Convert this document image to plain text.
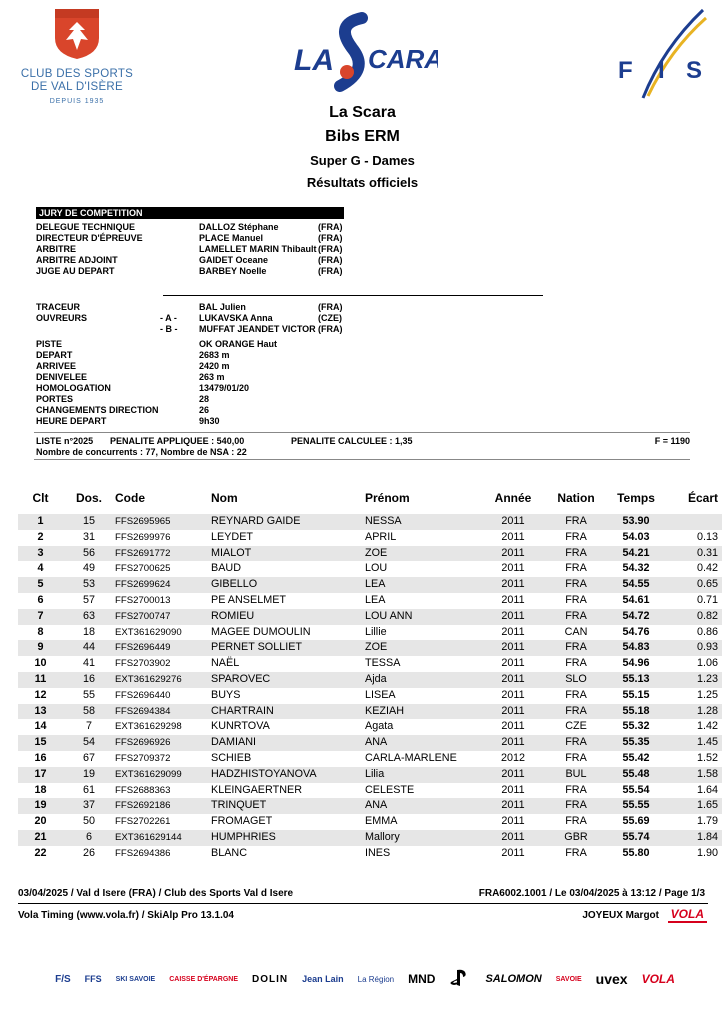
CLUB DES SPORTS
DE VAL D'ISÈRE
DEPUIS 1935
LA CARA	F I S
La Scara
Bibs ERM
Super G - Dames
Résultats officiels
JURY DE COMPETITION
DELEGUE TECHNIQUE	DALLOZ Stéphane	(FRA)
DIRECTEUR D'ÉPREUVE	PLACE Manuel	(FRA)
ARBITRE	LAMELLET MARIN Thibault (FRA)
ARBITRE ADJOINT	GAIDET Oceane	(FRA)
JUGE AU DEPART	BARBEY Noelle	(FRA)
TRACEUR	BAL Julien	(FRA)
OUVREURS	- A - LUKAVSKA Anna	(CZE)
- B - MUFFAT JEANDET VICTOR (FRA)
PISTE	OK ORANGE Haut
DEPART	2683 m
ARRIVEE	2420 m
DENIVELEE	263 m
HOMOLOGATION	13479/01/20
PORTES	28
CHANGEMENTS DIRECTION	26
HEURE DEPART	9h30
LISTE n°2025 PENALITE APPLIQUEE : 540,00	PENALITE CALCULEE : 1,35	F = 1190
Nombre de concurrents : 77, Nombre de NSA : 22
Clt	Dos.	Code	Nom	Prénom	Année	Nation	Temps	Écart

1	15	FFS2695965	REYNARD GAIDE	NESSA	2011	FRA	53.90	
2	31	FFS2699976	LEYDET	APRIL	2011	FRA	54.03	0.13
3	56	FFS2691772	MIALOT	ZOE	2011	FRA	54.21	0.31
4	49	FFS2700625	BAUD	LOU	2011	FRA	54.32	0.42
5	53	FFS2699624	GIBELLO	LEA	2011	FRA	54.55	0.65
6	57	FFS2700013	PE ANSELMET	LEA	2011	FRA	54.61	0.71
7	63	FFS2700747	ROMIEU	LOU ANN	2011	FRA	54.72	0.82
8	18	EXT361629090	MAGEE DUMOULIN	Lillie	2011	CAN	54.76	0.86
9	44	FFS2696449	PERNET SOLLIET	ZOE	2011	FRA	54.83	0.93
10	41	FFS2703902	NAËL	TESSA	2011	FRA	54.96	1.06
11	16	EXT361629276	SPAROVEC	Ajda	2011	SLO	55.13	1.23
12	55	FFS2696440	BUYS	LISEA	2011	FRA	55.15	1.25
13	58	FFS2694384	CHARTRAIN	KEZIAH	2011	FRA	55.18	1.28
14	7	EXT361629298	KUNRTOVA	Agata	2011	CZE	55.32	1.42
15	54	FFS2696926	DAMIANI	ANA	2011	FRA	55.35	1.45
16	67	FFS2709372	SCHIEB	CARLA-MARLENE	2012	FRA	55.42	1.52
17	19	EXT361629099	HADZHISTOYANOVA	Lilia	2011	BUL	55.48	1.58
18	61	FFS2688363	KLEINGAERTNER	CELESTE	2011	FRA	55.54	1.64
19	37	FFS2692186	TRINQUET	ANA	2011	FRA	55.55	1.65
20	50	FFS2702261	FROMAGET	EMMA	2011	FRA	55.69	1.79
21	6	EXT361629144	HUMPHRIES	Mallory	2011	GBR	55.74	1.84
22	26	FFS2694386	BLANC	INES	2011	FRA	55.80	1.90
03/04/2025 / Val d Isere (FRA) / Club des Sports Val d Isere	FRA6002.1001 / Le 03/04/2025 à 13:12 / Page 1/3
Vola Timing (www.vola.fr) / SkiAlp Pro 13.1.04	JOYEUX Margot VOLA
F/S FFS SKI SAVOIE CAISSE D'ÉPARGNE DOLIN Jean Lain La Région MND	SALOMON SAVOIE uvex VOLA
